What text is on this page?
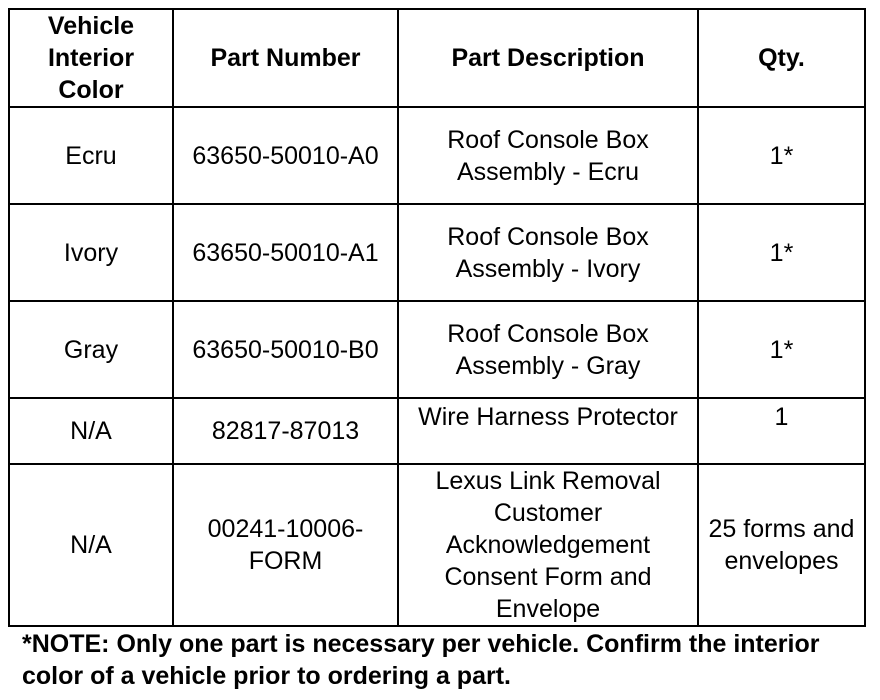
Vehicle Interior Color	Part Number	Part Description	Qty.
Ecru	63650-50010-A0	Roof Console Box Assembly - Ecru	1*
Ivory	63650-50010-A1	Roof Console Box Assembly - Ivory	1*
Gray	63650-50010-B0	Roof Console Box Assembly - Gray	1*
N/A	82817-87013	Wire Harness Protector	1
N/A	00241-10006-FORM	Lexus Link Removal Customer Acknowledgement Consent Form and Envelope	25 forms and envelopes
*NOTE: Only one part is necessary per vehicle. Confirm the interior color of a vehicle prior to ordering a part.
